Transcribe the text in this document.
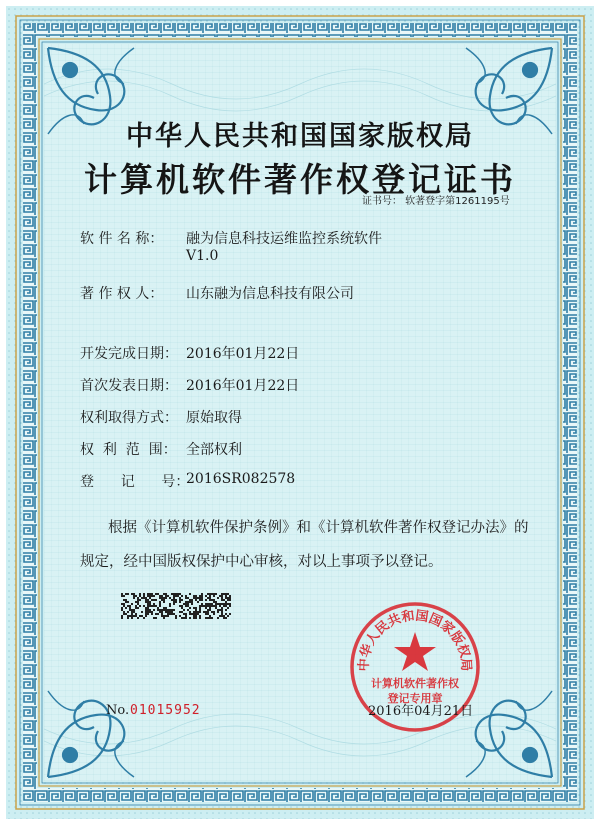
中华人民共和国国家版权局
计算机软件著作权登记证书
证书号： 软著登字第1261195号
软 件 名 称： 融为信息科技运维监控系统软件
V1.0
著 作 权 人： 山东融为信息科技有限公司
开发完成日期： 2016年01月22日
首次发表日期： 2016年01月22日
权利取得方式： 原始取得
权  利  范  围： 全部权利
登      记      号：
2016SR082578
根据《计算机软件保护条例》和《计算机软件著作权登记办法》的
规定，经中国版权保护中心审核，对以上事项予以登记。
中华人民共和国国家版权局
计算机软件著作权
登记专用章
No. 01015952	2016年04月21日
